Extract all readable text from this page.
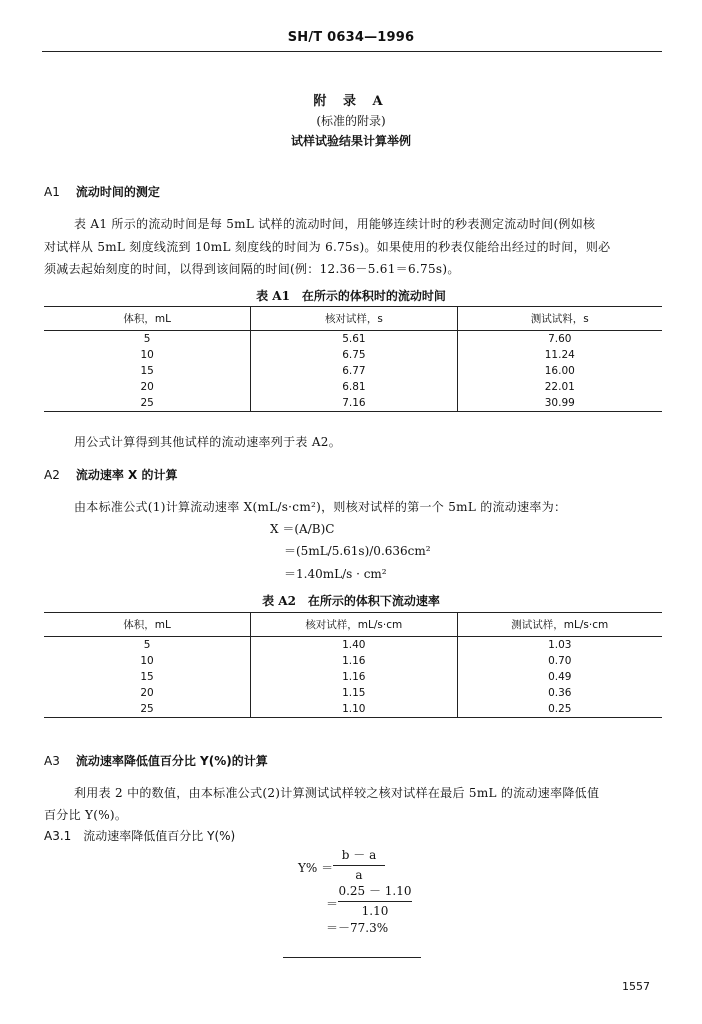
SH/T 0634—1996
附 录 A
(标准的附录)
试样试验结果计算举例
A1 流动时间的测定
表 A1 所示的流动时间是每 5mL 试样的流动时间，用能够连续计时的秒表测定流动时间(例如核
对试样从 5mL 刻度线流到 10mL 刻度线的时间为 6.75s)。如果使用的秒表仅能给出经过的时间，则必
须减去起始刻度的时间，以得到该间隔的时间(例：12.36－5.61＝6.75s)。
表 A1　在所示的体积时的流动时间
体积，mL	核对试样，s	测试试料，s
5	5.61	7.60
10	6.75	11.24
15	6.77	16.00
20	6.81	22.01
25	7.16	30.99
用公式计算得到其他试样的流动速率列于表 A2。
A2 流动速率 X 的计算
由本标准公式(1)计算流动速率 X(mL/s·cm²)，则核对试样的第一个 5mL 的流动速率为：
X ＝(A/B)C
＝(5mL/5.61s)/0.636cm²
＝1.40mL/s · cm²
表 A2　在所示的体积下流动速率
体积，mL	核对试样，mL/s·cm	测试试样，mL/s·cm
5	1.40	1.03
10	1.16	0.70
15	1.16	0.49
20	1.15	0.36
25	1.10	0.25
A3 流动速率降低值百分比 Y(%)的计算
利用表 2 中的数值，由本标准公式(2)计算测试试样较之核对试样在最后 5mL 的流动速率降低值
百分比 Y(%)。
A3.1 流动速率降低值百分比 Y(%)
Y% ＝
b － a
a
＝
0.25 － 1.10
1.10
＝－77.3%
1557
